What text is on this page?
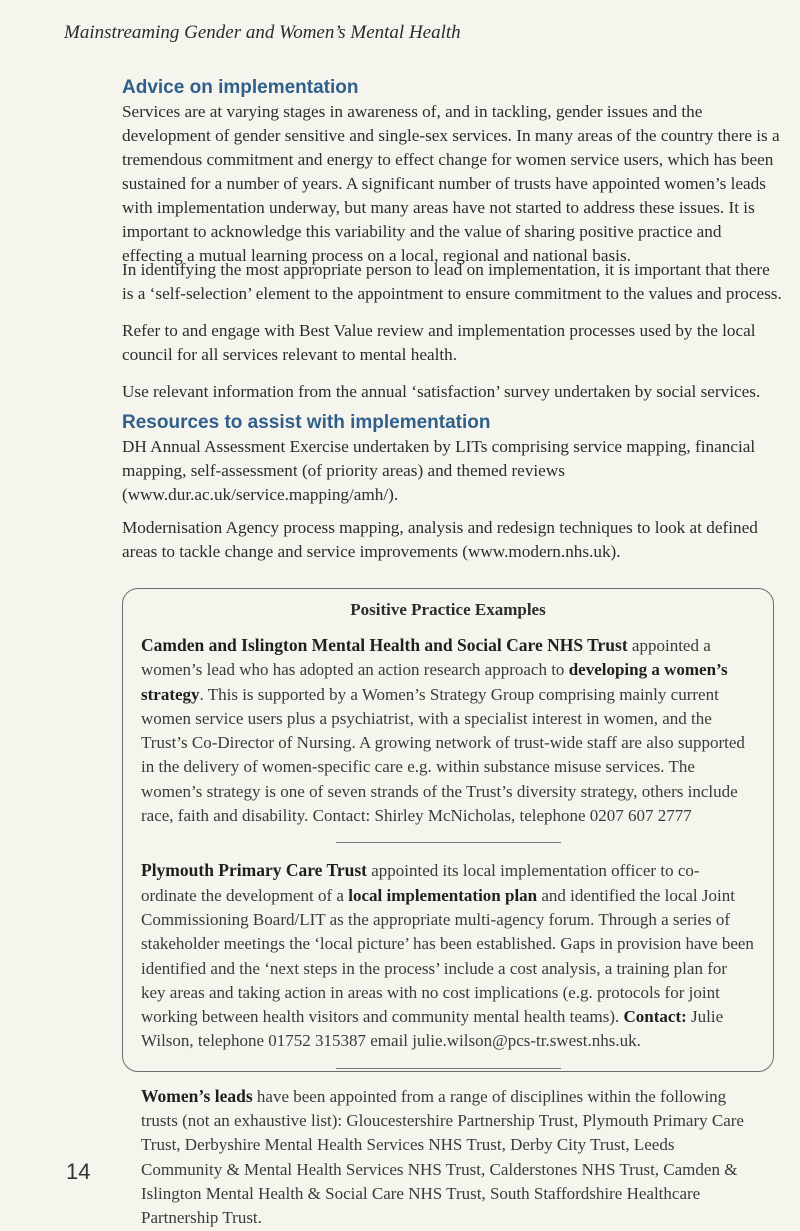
Mainstreaming Gender and Women’s Mental Health
Advice on implementation

Services are at varying stages in awareness of, and in tackling, gender issues and the development of gender sensitive and single-sex services. In many areas of the country there is a tremendous commitment and energy to effect change for women service users, which has been sustained for a number of years. A significant number of trusts have appointed women’s leads with implementation underway, but many areas have not started to address these issues. It is important to acknowledge this variability and the value of sharing positive practice and effecting a mutual learning process on a local, regional and national basis.

In identifying the most appropriate person to lead on implementation, it is important that there is a ‘self-selection’ element to the appointment to ensure commitment to the values and process.

Refer to and engage with Best Value review and implementation processes used by the local council for all services relevant to mental health.

Use relevant information from the annual ‘satisfaction’ survey undertaken by social services.

Resources to assist with implementation

DH Annual Assessment Exercise undertaken by LITs comprising service mapping, financial mapping, self-assessment (of priority areas) and themed reviews (www.dur.ac.uk/service.mapping/amh/).

Modernisation Agency process mapping, analysis and redesign techniques to look at defined areas to tackle change and service improvements (www.modern.nhs.uk).

Positive Practice Examples

Camden and Islington Mental Health and Social Care NHS Trust appointed a women’s lead who has adopted an action research approach to developing a women’s strategy. This is supported by a Women’s Strategy Group comprising mainly current women service users plus a psychiatrist, with a specialist interest in women, and the Trust’s Co-Director of Nursing. A growing network of trust-wide staff are also supported in the delivery of women-specific care e.g. within substance misuse services. The women’s strategy is one of seven strands of the Trust’s diversity strategy, others include race, faith and disability. Contact: Shirley McNicholas, telephone 0207 607 2777

Plymouth Primary Care Trust appointed its local implementation officer to co-ordinate the development of a local implementation plan and identified the local Joint Commissioning Board/LIT as the appropriate multi-agency forum. Through a series of stakeholder meetings the ‘local picture’ has been established. Gaps in provision have been identified and the ‘next steps in the process’ include a cost analysis, a training plan for key areas and taking action in areas with no cost implications (e.g. protocols for joint working between health visitors and community mental health teams). Contact: Julie Wilson, telephone 01752 315387 email julie.wilson@pcs-tr.swest.nhs.uk.

Women’s leads have been appointed from a range of disciplines within the following trusts (not an exhaustive list): Gloucestershire Partnership Trust, Plymouth Primary Care Trust, Derbyshire Mental Health Services NHS Trust, Derby City Trust, Leeds Community & Mental Health Services NHS Trust, Calderstones NHS Trust, Camden & Islington Mental Health & Social Care NHS Trust, South Staffordshire Healthcare Partnership Trust.

14
